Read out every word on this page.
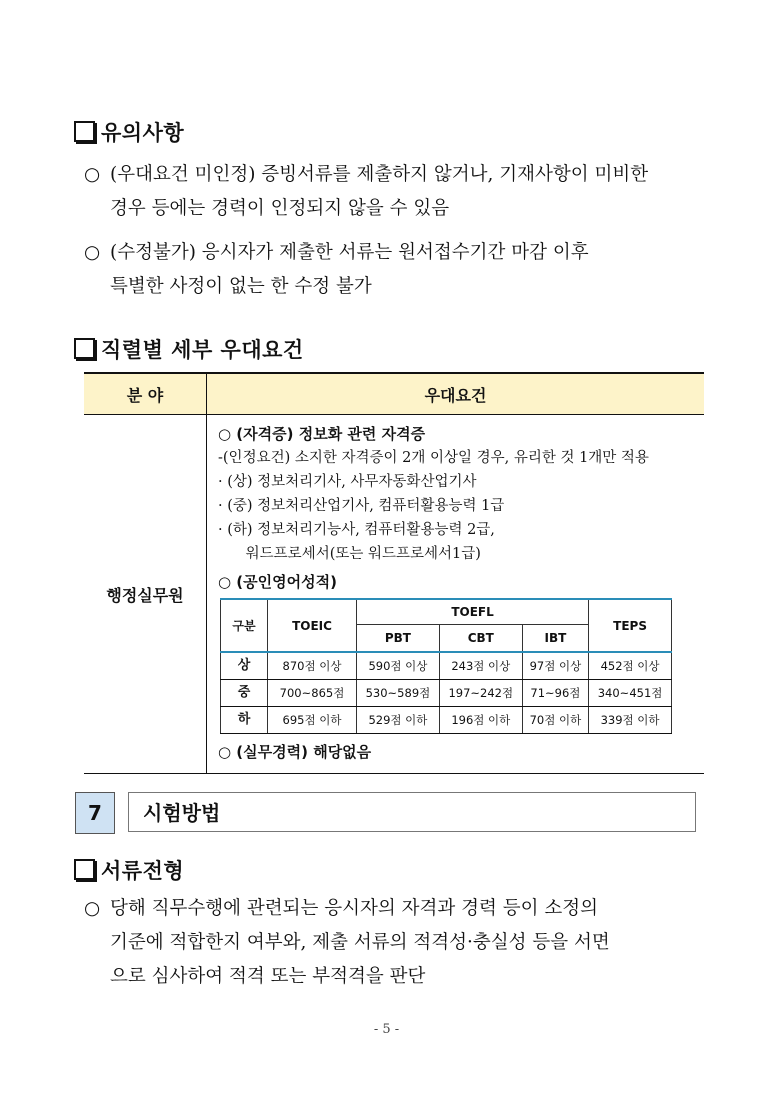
유의사항
○ (우대요건 미인정) 증빙서류를 제출하지 않거나, 기재사항이 미비한
경우 등에는 경력이 인정되지 않을 수 있음
○ (수정불가) 응시자가 제출한 서류는 원서접수기간 마감 이후
특별한 사정이 없는 한 수정 불가
직렬별 세부 우대요건
분 야	우대요건
행정실무원	
○ (자격증) 정보화 관련 자격증
-(인정요건) 소지한 자격증이 2개 이상일 경우, 유리한 것 1개만 적용
· (상) 정보처리기사, 사무자동화산업기사
· (중) 정보처리산업기사, 컴퓨터활용능력 1급
· (하) 정보처리기능사, 컴퓨터활용능력 2급,
워드프로세서(또는 워드프로세서1급)
○ (공인영어성적)
구분	TOEIC	TOEFL	TEPS
PBT	CBT	IBT
상	870점 이상	590점 이상	243점 이상	97점 이상	452점 이상
중	700~865점	530~589점	197~242점	71~96점	340~451점
하	695점 이하	529점 이하	196점 이하	70점 이하	339점 이하
○ (실무경력) 해당없음
7	시험방법
서류전형
○ 당해 직무수행에 관련되는 응시자의 자격과 경력 등이 소정의
기준에 적합한지 여부와, 제출 서류의 적격성·충실성 등을 서면
으로 심사하여 적격 또는 부적격을 판단
- 5 -
